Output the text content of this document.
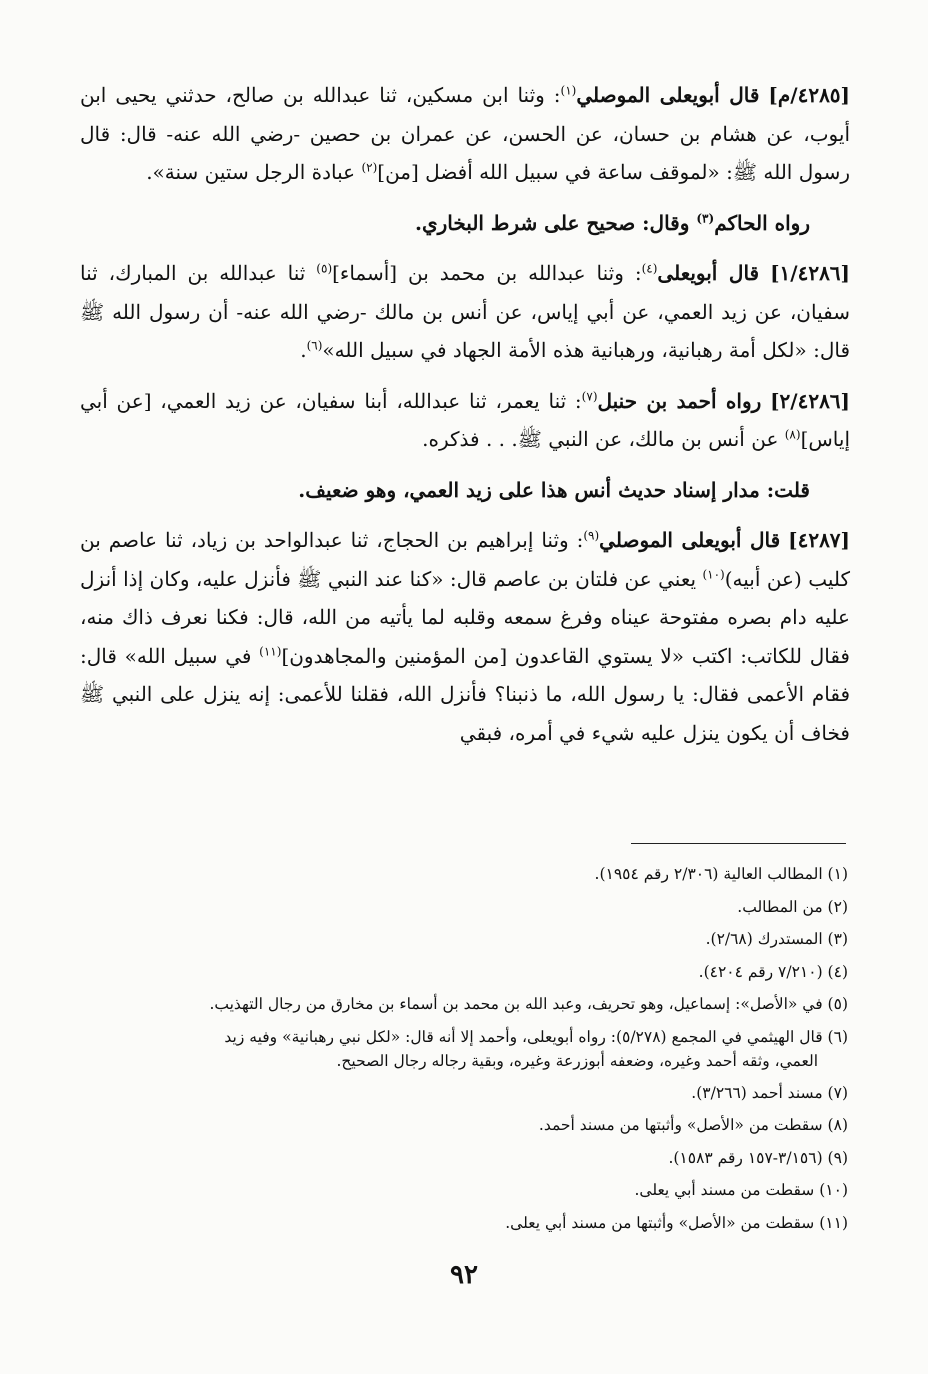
[٤٢٨٥/م] قال أبويعلى الموصلي$^{(١)}$: وثنا ابن مسكين، ثنا عبدالله بن صالح، حدثني يحيى ابن أيوب، عن هشام بن حسان، عن الحسن، عن عمران بن حصين -رضي الله عنه- قال: قال رسول الله ﷺ: «لموقف ساعة في سبيل الله أفضل [من]$^{(٢)}$ عبادة الرجل ستين سنة».

رواه الحاكم$^{(٣)}$ وقال: صحيح على شرط البخاري.

[١/٤٢٨٦] قال أبويعلى$^{(٤)}$: وثنا عبدالله بن محمد بن [أسماء]$^{(٥)}$ ثنا عبدالله بن المبارك، ثنا سفيان، عن زيد العمي، عن أبي إياس، عن أنس بن مالك -رضي الله عنه- أن رسول الله ﷺ قال: «لكل أمة رهبانية، ورهبانية هذه الأمة الجهاد في سبيل الله»$^{(٦)}$.

[٢/٤٢٨٦] رواه أحمد بن حنبل$^{(٧)}$: ثنا يعمر، ثنا عبدالله، أبنا سفيان، عن زيد العمي، [عن أبي إياس]$^{(٨)}$ عن أنس بن مالك، عن النبي ﷺ. . . فذكره.

قلت: مدار إسناد حديث أنس هذا على زيد العمي، وهو ضعيف.

[٤٢٨٧] قال أبويعلى الموصلي$^{(٩)}$: وثنا إبراهيم بن الحجاج، ثنا عبدالواحد بن زياد، ثنا عاصم بن كليب (عن أبيه)$^{(١٠)}$ يعني عن فلتان بن عاصم قال: «كنا عند النبي ﷺ فأنزل عليه، وكان إذا أنزل عليه دام بصره مفتوحة عيناه وفرغ سمعه وقلبه لما يأتيه من الله، قال: فكنا نعرف ذاك منه، فقال للكاتب: اكتب «لا يستوي القاعدون [من المؤمنين والمجاهدون]$^{(١١)}$ في سبيل الله» قال: فقام الأعمى فقال: يا رسول الله، ما ذنبنا؟ فأنزل الله، فقلنا للأعمى: إنه ينزل على النبي ﷺ فخاف أن يكون ينزل عليه شيء في أمره، فبقي

(١) المطالب العالية (٢/٣٠٦ رقم ١٩٥٤).
(٢) من المطالب.
(٣) المستدرك (٢/٦٨).
(٤) (٧/٢١٠ رقم ٤٢٠٤).
(٥) في «الأصل»: إسماعيل، وهو تحريف، وعبد الله بن محمد بن أسماء بن مخارق من رجال التهذيب.
(٦) قال الهيثمي في المجمع (٥/٢٧٨): رواه أبويعلى، وأحمد إلا أنه قال: «لكل نبي رهبانية» وفيه زيد
العمي، وثقه أحمد وغيره، وضعفه أبوزرعة وغيره، وبقية رجاله رجال الصحيح.
(٧) مسند أحمد (٣/٢٦٦).
(٨) سقطت من «الأصل» وأثبتها من مسند أحمد.
(٩) (٣/١٥٦-١٥٧ رقم ١٥٨٣).
(١٠) سقطت من مسند أبي يعلى.
(١١) سقطت من «الأصل» وأثبتها من مسند أبي يعلى.
٩٢
